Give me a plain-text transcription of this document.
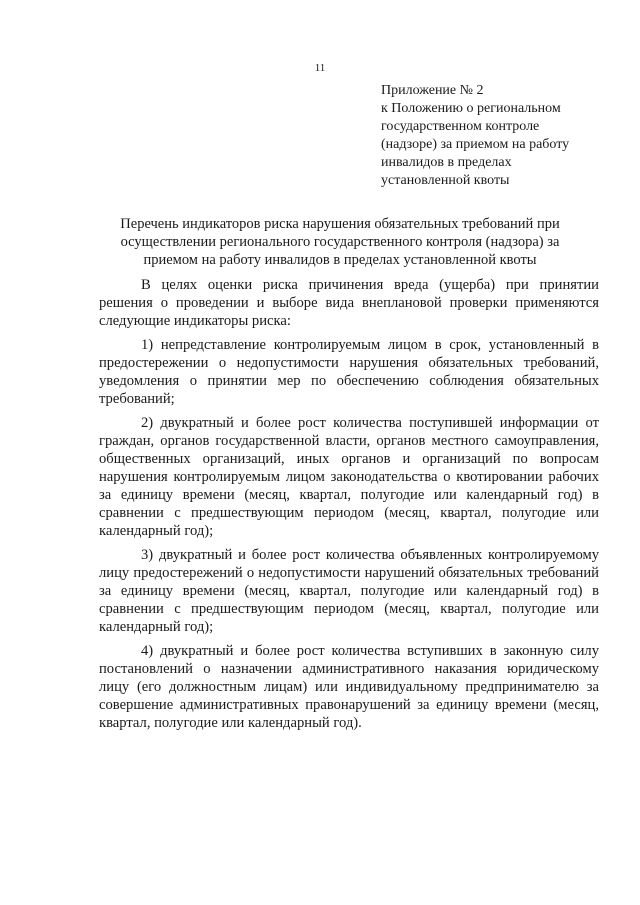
11
Приложение № 2
к Положению о региональном
государственном контроле
(надзоре) за приемом на работу
инвалидов в пределах
установленной квоты
Перечень индикаторов риска нарушения обязательных требований при
осуществлении регионального государственного контроля (надзора) за
приемом на работу инвалидов в пределах установленной квоты

В целях оценки риска причинения вреда (ущерба) при принятии решения о проведении и выборе вида внеплановой проверки применяются следующие индикаторы риска:

1) непредставление контролируемым лицом в срок, установленный в предостережении о недопустимости нарушения обязательных требований, уведомления о принятии мер по обеспечению соблюдения обязательных требований;

2) двукратный и более рост количества поступившей информации от граждан, органов государственной власти, органов местного самоуправления, общественных организаций, иных органов и организаций по вопросам нарушения контролируемым лицом законодательства о квотировании рабочих за единицу времени (месяц, квартал, полугодие или календарный год) в сравнении с предшествующим периодом (месяц, квартал, полугодие или календарный год);

3) двукратный и более рост количества объявленных контролируемому лицу предостережений о недопустимости нарушений обязательных требований за единицу времени (месяц, квартал, полугодие или календарный год) в сравнении с предшествующим периодом (месяц, квартал, полугодие или календарный год);

4) двукратный и более рост количества вступивших в законную силу постановлений о назначении административного наказания юридическому лицу (его должностным лицам) или индивидуальному предпринимателю за совершение административных правонарушений за единицу времени (месяц, квартал, полугодие или календарный год).
